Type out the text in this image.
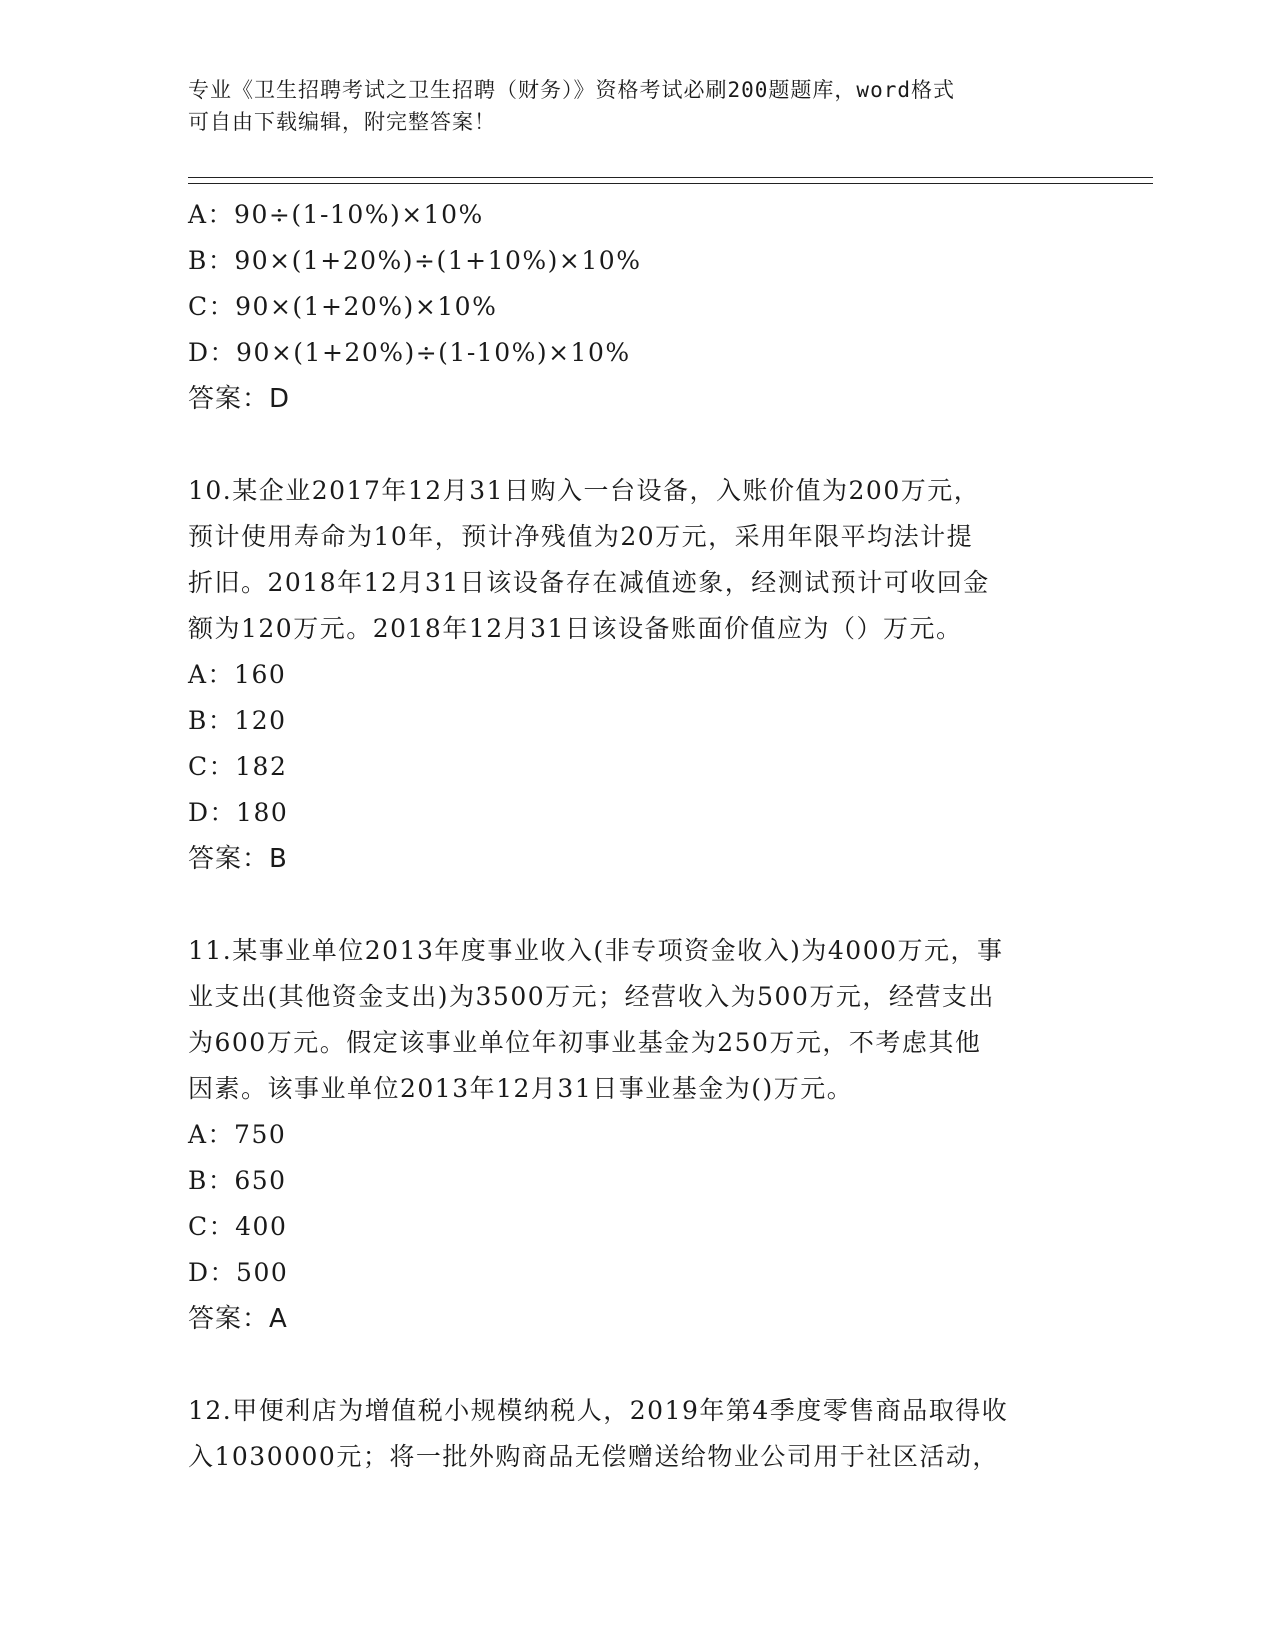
专业《卫生招聘考试之卫生招聘（财务）》资格考试必刷200题题库，word格式
可自由下载编辑，附完整答案！
A：90÷(1-10%)×10%
B：90×(1+20%)÷(1+10%)×10%
C：90×(1+20%)×10%
D：90×(1+20%)÷(1-10%)×10%
答案：D
10.某企业2017年12月31日购入一台设备，入账价值为200万元，
预计使用寿命为10年，预计净残值为20万元，采用年限平均法计提
折旧。2018年12月31日该设备存在减值迹象，经测试预计可收回金
额为120万元。2018年12月31日该设备账面价值应为（）万元。
A：160
B：120
C：182
D：180
答案：B
11.某事业单位2013年度事业收入(非专项资金收入)为4000万元，事
业支出(其他资金支出)为3500万元；经营收入为500万元，经营支出
为600万元。假定该事业单位年初事业基金为250万元，不考虑其他
因素。该事业单位2013年12月31日事业基金为()万元。
A：750
B：650
C：400
D：500
答案：A
12.甲便利店为增值税小规模纳税人，2019年第4季度零售商品取得收
入1030000元；将一批外购商品无偿赠送给物业公司用于社区活动，
